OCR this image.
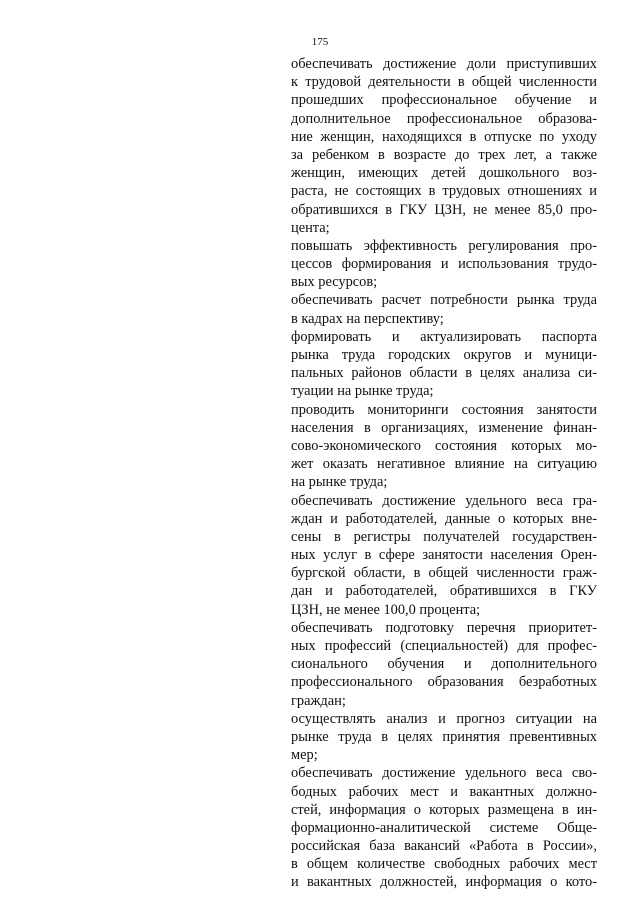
175
обеспечивать достижение доли приступивших
к трудовой деятельности в общей численности
прошедших профессиональное обучение и
дополнительное профессиональное образова-
ние женщин, находящихся в отпуске по уходу
за ребенком в возрасте до трех лет, а также
женщин, имеющих детей дошкольного воз-
раста, не состоящих в трудовых отношениях и
обратившихся в ГКУ ЦЗН, не менее 85,0 про-
цента;
повышать эффективность регулирования про-
цессов формирования и использования трудо-
вых ресурсов;
обеспечивать расчет потребности рынка труда
в кадрах на перспективу;
формировать и актуализировать паспорта
рынка труда городских округов и муници-
пальных районов области в целях анализа си-
туации на рынке труда;
проводить мониторинги состояния занятости
населения в организациях, изменение финан-
сово-экономического состояния которых мо-
жет оказать негативное влияние на ситуацию
на рынке труда;
обеспечивать достижение удельного веса гра-
ждан и работодателей, данные о которых вне-
сены в регистры получателей государствен-
ных услуг в сфере занятости населения Орен-
бургской области, в общей численности граж-
дан и работодателей, обратившихся в ГКУ
ЦЗН, не менее 100,0 процента;
обеспечивать подготовку перечня приоритет-
ных профессий (специальностей) для профес-
сионального обучения и дополнительного
профессионального образования безработных
граждан;
осуществлять анализ и прогноз ситуации на
рынке труда в целях принятия превентивных
мер;
обеспечивать достижение удельного веса сво-
бодных рабочих мест и вакантных должно-
стей, информация о которых размещена в ин-
формационно-аналитической системе Обще-
российская база вакансий «Работа в России»,
в общем количестве свободных рабочих мест
и вакантных должностей, информация о кото-
